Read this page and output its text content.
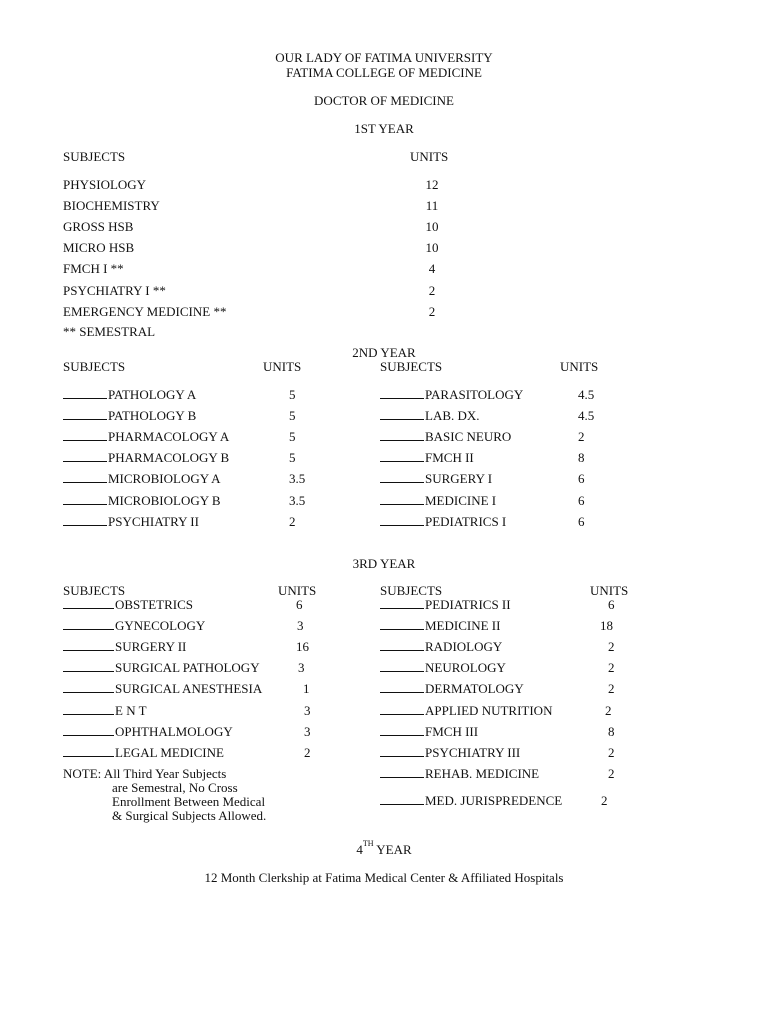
OUR LADY OF FATIMA UNIVERSITY
FATIMA COLLEGE OF MEDICINE
DOCTOR OF MEDICINE
1ST YEAR
SUBJECTS	UNITS
PHYSIOLOGY	12
BIOCHEMISTRY	11
GROSS HSB	10
MICRO HSB	10
FMCH I **	4
PSYCHIATRY I **	2
EMERGENCY MEDICINE **	2
** SEMESTRAL
2ND YEAR
SUBJECTS	UNITS	SUBJECTS	UNITS
PATHOLOGY A	5
PATHOLOGY B	5
PHARMACOLOGY A	5
PHARMACOLOGY B	5
MICROBIOLOGY A	3.5
MICROBIOLOGY B	3.5
PSYCHIATRY II	2
PARASITOLOGY	4.5
LAB. DX.	4.5
BASIC NEURO	2
FMCH II	8
SURGERY I	6
MEDICINE I	6
PEDIATRICS I	6
3RD YEAR
SUBJECTS	UNITS	SUBJECTS	UNITS
OBSTETRICS	6
GYNECOLOGY	3
SURGERY II	16
SURGICAL PATHOLOGY	3
SURGICAL ANESTHESIA	1
E N T	3
OPHTHALMOLOGY	3
LEGAL MEDICINE	2
PEDIATRICS II	6
MEDICINE II	18
RADIOLOGY	2
NEUROLOGY	2
DERMATOLOGY	2
APPLIED NUTRITION	2
FMCH III	8
PSYCHIATRY III	2
REHAB. MEDICINE	2
MED. JURISPREDENCE	2
NOTE: All Third Year Subjects
are Semestral, No Cross
Enrollment Between Medical
& Surgical Subjects Allowed.
4TH YEAR
12 Month Clerkship at Fatima Medical Center & Affiliated Hospitals
